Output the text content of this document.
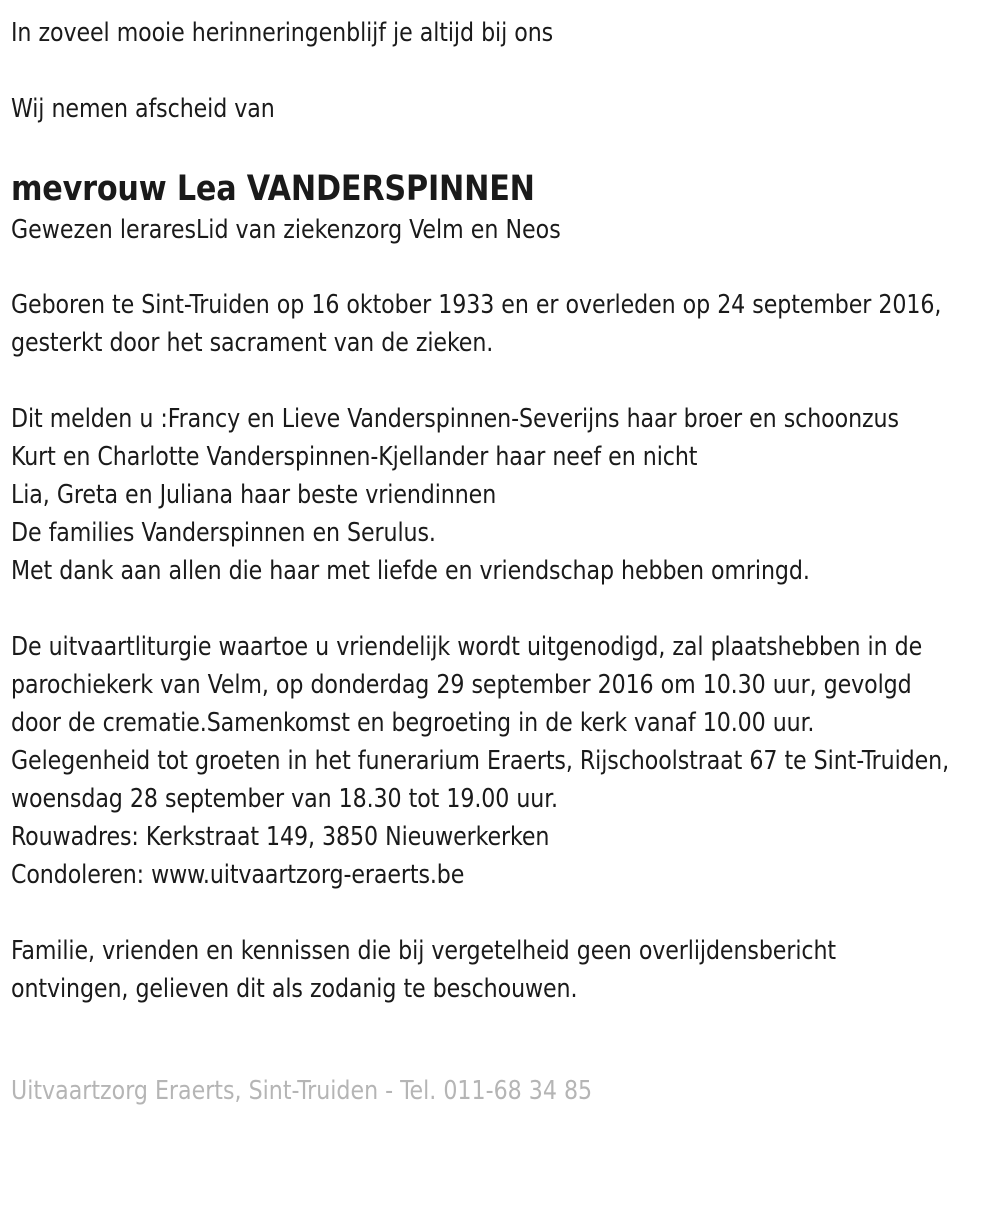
In zoveel mooie herinneringenblijf je altijd bij ons

Wij nemen afscheid van

mevrouw Lea VANDERSPINNEN

Gewezen leraresLid van ziekenzorg Velm en Neos

Geboren te Sint-Truiden op 16 oktober 1933 en er overleden op 24 september 2016, gesterkt door het sacrament van de zieken.

Dit melden u :Francy en Lieve Vanderspinnen-Severijns haar broer en schoonzus

Kurt en Charlotte Vanderspinnen-Kjellander haar neef en nicht

Lia, Greta en Juliana haar beste vriendinnen

De families Vanderspinnen en Serulus.

Met dank aan allen die haar met liefde en vriendschap hebben omringd.

De uitvaartliturgie waartoe u vriendelijk wordt uitgenodigd, zal plaatshebben in de parochiekerk van Velm, op donderdag 29 september 2016 om 10.30 uur, gevolgd door de crematie.Samenkomst en begroeting in de kerk vanaf 10.00 uur.

Gelegenheid tot groeten in het funerarium Eraerts, Rijschoolstraat 67 te Sint-Truiden, woensdag 28 september van 18.30 tot 19.00 uur.

Rouwadres: Kerkstraat 149, 3850 Nieuwerkerken

Condoleren: www.uitvaartzorg-eraerts.be

Familie, vrienden en kennissen die bij vergetelheid geen overlijdensbericht ontvingen, gelieven dit als zodanig te beschouwen.

Uitvaartzorg Eraerts, Sint-Truiden - Tel. 011-68 34 85
